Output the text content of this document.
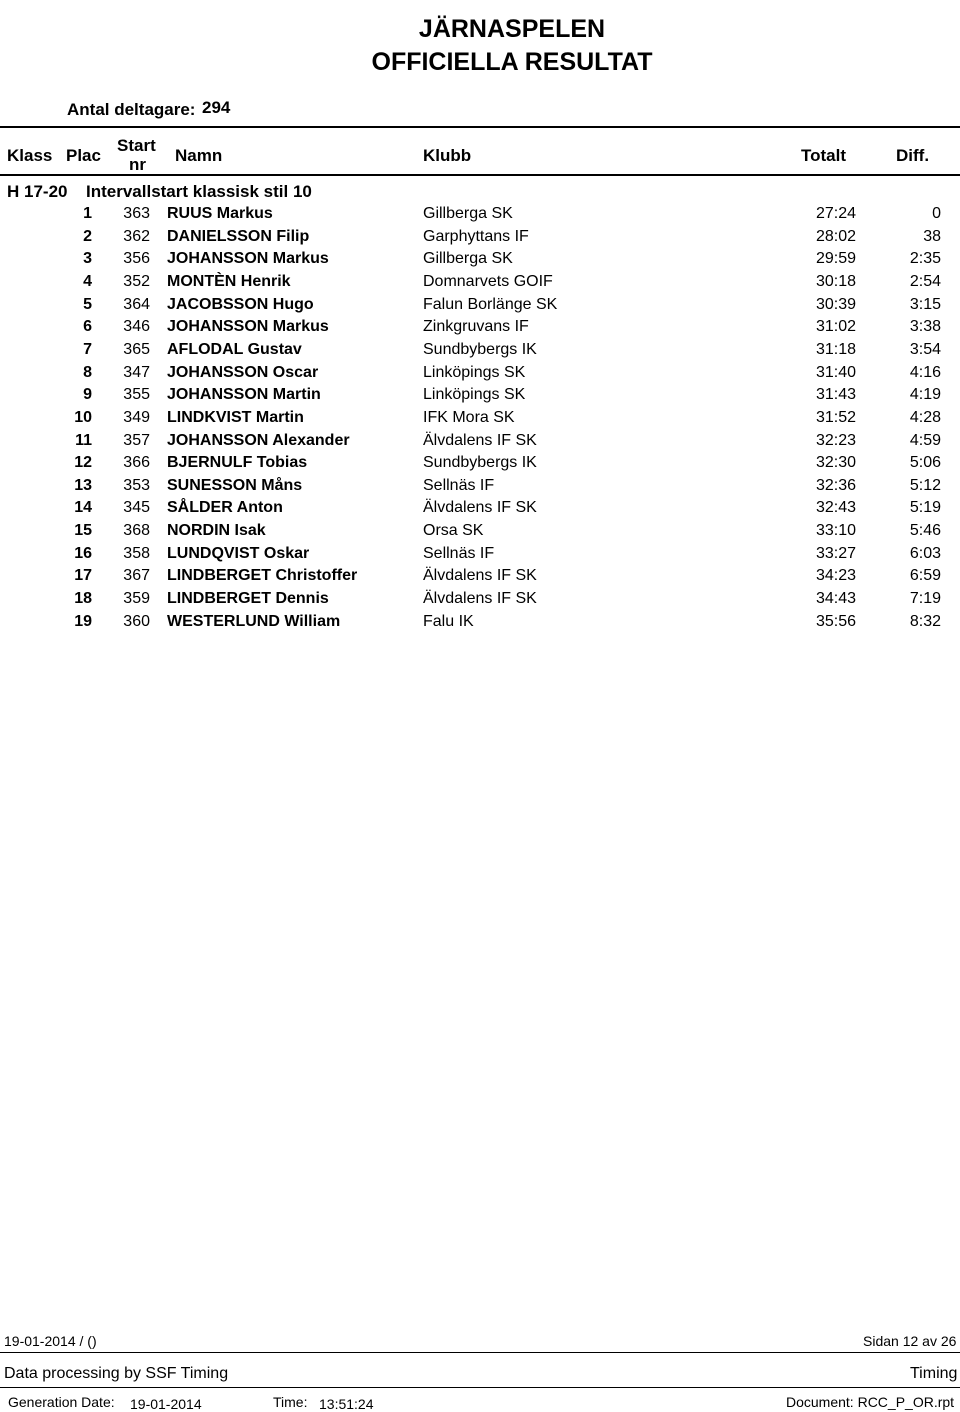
JÄRNASPELEN
OFFICIELLA RESULTAT
Antal deltagare: 294
Klass Plac
Start
nr Namn	Klubb	Totalt	Diff.
H 17-20 Intervallstart klassisk stil 10
1	363 RUUS Markus	Gillberga SK	27:24	0
2	362 DANIELSSON Filip	Garphyttans IF	28:02	38
3	356 JOHANSSON Markus	Gillberga SK	29:59	2:35
4	352 MONTÈN Henrik	Domnarvets GOIF	30:18	2:54
5	364 JACOBSSON Hugo	Falun Borlänge SK	30:39	3:15
6	346 JOHANSSON Markus	Zinkgruvans IF	31:02	3:38
7	365 AFLODAL Gustav	Sundbybergs IK	31:18	3:54
8	347 JOHANSSON Oscar	Linköpings SK	31:40	4:16
9	355 JOHANSSON Martin	Linköpings SK	31:43	4:19
10	349 LINDKVIST Martin	IFK Mora SK	31:52	4:28
11	357 JOHANSSON Alexander	Älvdalens IF SK	32:23	4:59
12	366 BJERNULF Tobias	Sundbybergs IK	32:30	5:06
13	353 SUNESSON Måns	Sellnäs IF	32:36	5:12
14	345 SÅLDER Anton	Älvdalens IF SK	32:43	5:19
15	368 NORDIN Isak	Orsa SK	33:10	5:46
16	358 LUNDQVIST Oskar	Sellnäs IF	33:27	6:03
17	367 LINDBERGET Christoffer	Älvdalens IF SK	34:23	6:59
18	359 LINDBERGET Dennis	Älvdalens IF SK	34:43	7:19
19	360 WESTERLUND William	Falu IK	35:56	8:32
19-01-2014 / ()	Sidan 12 av 26
Data processing by SSF Timing	Timing
Generation Date: 19-01-2014	Time: 13:51:24	Document: RCC_P_OR.rpt
